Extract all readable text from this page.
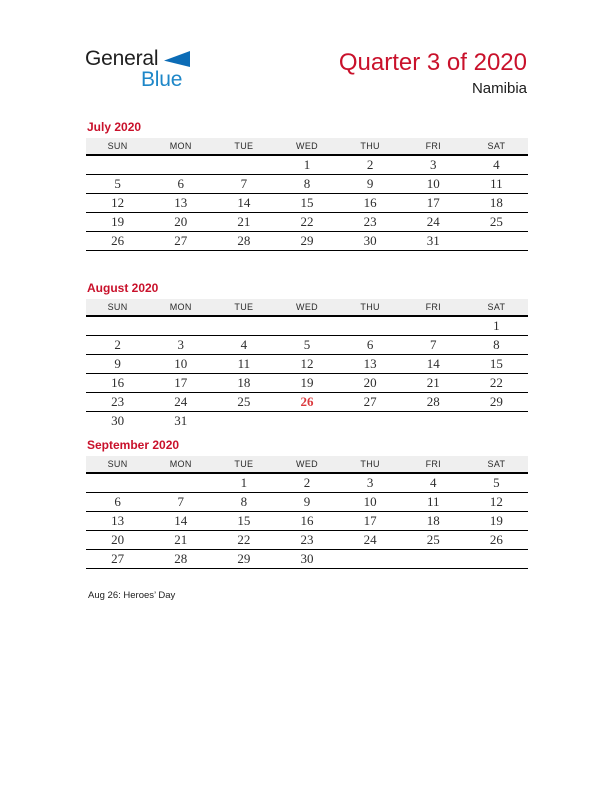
General
Blue
Quarter 3 of 2020
Namibia
July 2020
SUN	MON	TUE	WED	THU	FRI	SAT
			1	2	3	4
5	6	7	8	9	10	11
12	13	14	15	16	17	18
19	20	21	22	23	24	25
26	27	28	29	30	31	
August 2020
SUN	MON	TUE	WED	THU	FRI	SAT
						1
2	3	4	5	6	7	8
9	10	11	12	13	14	15
16	17	18	19	20	21	22
23	24	25	26	27	28	29
30	31					
September 2020
SUN	MON	TUE	WED	THU	FRI	SAT
		1	2	3	4	5
6	7	8	9	10	11	12
13	14	15	16	17	18	19
20	21	22	23	24	25	26
27	28	29	30			
Aug 26: Heroes’ Day
